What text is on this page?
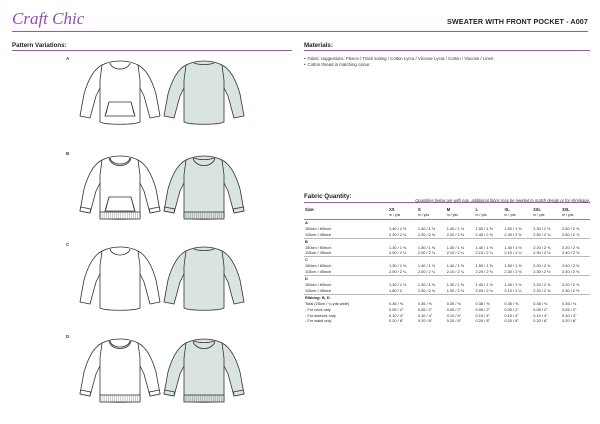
Craft Chic	SWEATER WITH FRONT POCKET - A007
Pattern Variations:	Materials:
• Fabric suggestions: Fleece / Track suiting / Cotton Lycra / Viscose Lycra / Cotton / Viscose / Linen.
• Cotton thread in matching colour.
Fabric Quantity:
Quantities below are with nap, additional fabric may be needed to match design or for shrinkage.
Size:	XS	S	M	L	XL	2XL	3XL
	m / yds	m / yds	m / yds	m / yds	m / yds	m / yds	m / yds
A							
150cm / 60inch	1.40 / 1 ½	1.40 / 1 ½	1.40 / 1 ½	1.50 / 1 ⅝	1.50 / 1 ⅝	2.30 / 2 ½	2.40 / 2 ⅝
115cm / 45inch	2.20 / 2 ⅜	2.20 / 2 ⅜	2.20 / 2 ⅜	2.40 / 2 ⅝	2.30 / 2 ½	2.50 / 2 ¾	2.60 / 2 ⅞
B							
150cm / 60inch	1.30 / 1 ⅜	1.30 / 1 ⅜	1.30 / 1 ⅜	1.40 / 1 ½	1.40 / 1 ½	2.20 / 2 ⅜	2.20 / 2 ⅜
115cm / 45inch	2.00 / 2 ¼	2.00 / 2 ¼	2.10 / 2 ¼	2.10 / 2 ¼	2.10 / 2 ¼	2.30 / 2 ½	2.40 / 2 ⅝
C							
150cm / 60inch	1.30 / 1 ⅜	1.40 / 1 ½	1.40 / 1 ½	1.50 / 1 ⅝	1.50 / 1 ⅝	2.20 / 2 ⅜	2.40 / 2 ⅝
115cm / 45inch	2.00 / 2 ¼	2.00 / 2 ¼	2.10 / 2 ¼	2.20 / 2 ⅜	2.30 / 2 ½	2.30 / 2 ½	2.40 / 2 ⅝
D							
150cm / 60inch	1.30 / 1 ⅜	1.30 / 1 ⅜	1.30 / 1 ⅜	1.40 / 1 ½	1.40 / 1 ½	2.20 / 2 ⅜	2.20 / 2 ⅜
115cm / 45inch	1.80 / 2	1.90 / 2 ⅛	1.90 / 2 ⅛	2.00 / 2 ¼	2.10 / 2 ¼	2.20 / 2 ⅜	2.30 / 2 ½
Ribbing: B, D							
Total (25cm / ¼ yds wide)	0.35 / ⅜	0.35 / ⅜	0.35 / ⅜	0.35 / ⅜	0.35 / ⅜	0.35 / ⅜	0.35 / ⅜
- For neck only	0.05 / 2"	0.05 / 2"	0.05 / 2"	0.05 / 2"	0.05 / 2"	0.05 / 2"	0.05 / 2"
- For sleeves only	0.10 / 4"	0.10 / 4"	0.10 / 4"	0.10 / 4"	0.10 / 4"	0.10 / 4"	0.10 / 4"
- For waist only	0.20 / 8"	0.20 / 8"	0.20 / 8"	0.20 / 8"	0.20 / 8"	0.20 / 8"	0.20 / 8"
A
B
C
D
